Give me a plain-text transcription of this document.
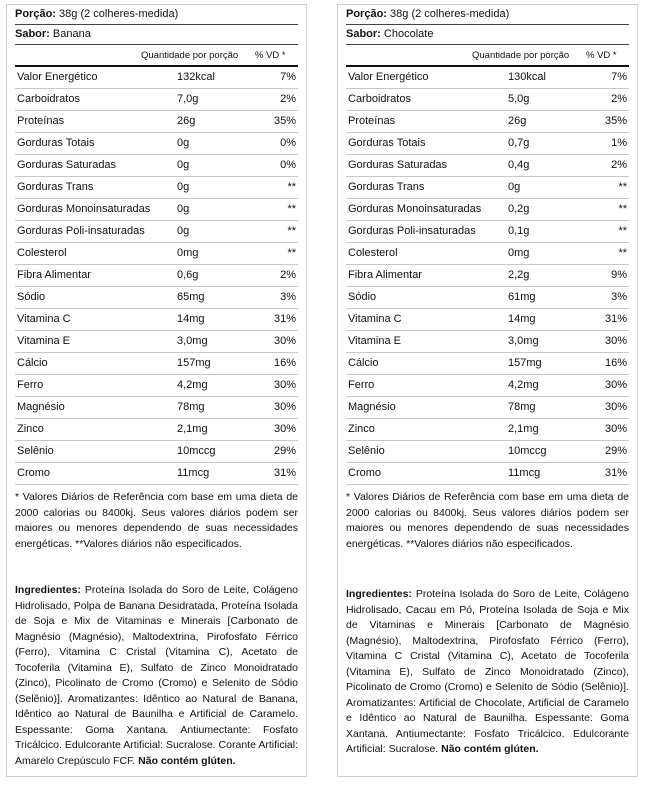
Porção: 38g (2 colheres-medida)
Sabor: Banana
Quantidade por porção % VD *
Valor Energético	132kcal	7%
Carboidratos	7,0g	2%
Proteínas	26g	35%
Gorduras Totais	0g	0%
Gorduras Saturadas	0g	0%
Gorduras Trans	0g	**
Gorduras Monoinsaturadas 0g	**
Gorduras Poli-insaturadas	0g	**
Colesterol	0mg	**
Fibra Alimentar	0,6g	2%
Sódio	65mg	3%
Vitamina C	14mg	31%
Vitamina E	3,0mg	30%
Cálcio	157mg	16%
Ferro	4,2mg	30%
Magnésio	78mg	30%
Zinco	2,1mg	30%
Selênio	10mccg	29%
Cromo	11mcg	31%
* Valores Diários de Referência com base em uma dieta de 2000 calorias ou 8400kj. Seus valores diários podem ser maiores ou menores dependendo de suas necessidades energéticas. **Valores diários não especificados.
Ingredientes: Proteína Isolada do Soro de Leite, Colágeno Hidrolisado, Polpa de Banana Desidratada, Proteína Isolada de Soja e Mix de Vitaminas e Minerais [Carbonato de Magnésio (Magnésio), Maltodextrina, Pirofosfato Férrico (Ferro), Vitamina C Cristal (Vitamina C), Acetato de Tocoferila (Vitamina E), Sulfato de Zinco Monoidratado (Zinco), Picolinato de Cromo (Cromo) e Selenito de Sódio (Selênio)]. Aromatizantes: Idêntico ao Natural de Banana, Idêntico ao Natural de Baunilha e Artificial de Caramelo. Espessante: Goma Xantana. Antiumectante: Fosfato Tricálcico. Edulcorante Artificial: Sucralose. Corante Artificial: Amarelo Crepúsculo FCF. Não contém glúten.
Porção: 38g (2 colheres-medida)
Sabor: Chocolate
Quantidade por porção % VD *
Valor Energético	130kcal	7%
Carboidratos	5,0g	2%
Proteínas	26g	35%
Gorduras Totais	0,7g	1%
Gorduras Saturadas	0,4g	2%
Gorduras Trans	0g	**
Gorduras Monoinsaturadas 0,2g	**
Gorduras Poli-insaturadas	0,1g	**
Colesterol	0mg	**
Fibra Alimentar	2,2g	9%
Sódio	61mg	3%
Vitamina C	14mg	31%
Vitamina E	3,0mg	30%
Cálcio	157mg	16%
Ferro	4,2mg	30%
Magnésio	78mg	30%
Zinco	2,1mg	30%
Selênio	10mccg	29%
Cromo	11mcg	31%
* Valores Diários de Referência com base em uma dieta de 2000 calorias ou 8400kj. Seus valores diários podem ser maiores ou menores dependendo de suas necessidades energéticas. **Valores diários não especificados.
Ingredientes: Proteína Isolada do Soro de Leite, Colágeno Hidrolisado, Cacau em Pó, Proteína Isolada de Soja e Mix de Vitaminas e Minerais [Carbonato de Magnésio (Magnésio), Maltodextrina, Pirofosfato Férrico (Ferro), Vitamina C Cristal (Vitamina C), Acetato de Tocoferila (Vitamina E), Sulfato de Zinco Monoidratado (Zinco), Picolinato de Cromo (Cromo) e Selenito de Sódio (Selênio)]. Aromatizantes: Artificial de Chocolate, Artificial de Caramelo e Idêntico ao Natural de Baunilha. Espessante: Goma Xantana. Antiumectante: Fosfato Tricálcico. Edulcorante Artificial: Sucralose. Não contém glúten.
